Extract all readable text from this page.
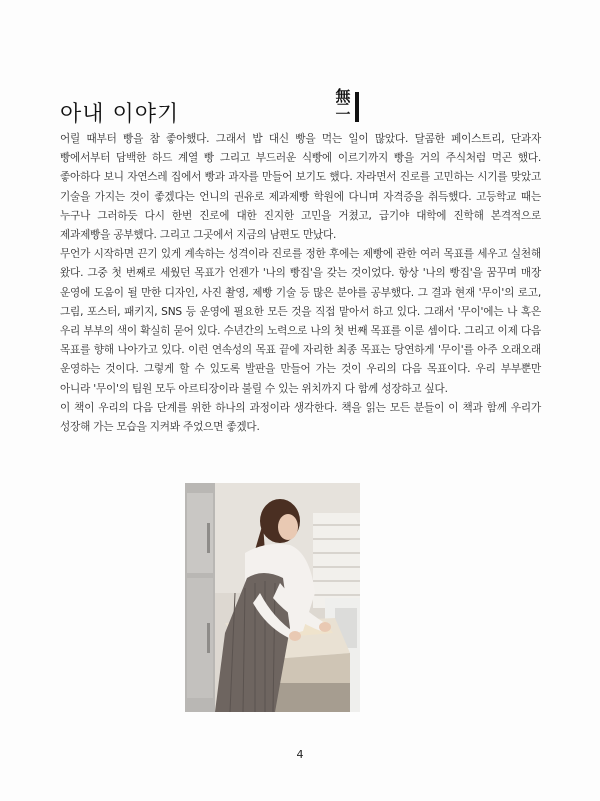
아내 이야기
無二

어릴 때부터 빵을 참 좋아했다. 그래서 밥 대신 빵을 먹는 일이 많았다. 달콤한 페이스트리, 단과자 빵에서부터 담백한 하드 계열 빵 그리고 부드러운 식빵에 이르기까지 빵을 거의 주식처럼 먹곤 했다. 좋아하다 보니 자연스레 집에서 빵과 과자를 만들어 보기도 했다. 자라면서 진로를 고민하는 시기를 맞았고 기술을 가지는 것이 좋겠다는 언니의 권유로 제과제빵 학원에 다니며 자격증을 취득했다. 고등학교 때는 누구나 그러하듯 다시 한번 진로에 대한 진지한 고민을 거쳤고, 급기야 대학에 진학해 본격적으로 제과제빵을 공부했다. 그리고 그곳에서 지금의 남편도 만났다.

무언가 시작하면 끈기 있게 계속하는 성격이라 진로를 정한 후에는 제빵에 관한 여러 목표를 세우고 실천해 왔다. 그중 첫 번째로 세웠던 목표가 언젠가 '나의 빵집'을 갖는 것이었다. 항상 '나의 빵집'을 꿈꾸며 매장 운영에 도움이 될 만한 디자인, 사진 촬영, 제빵 기술 등 많은 분야를 공부했다. 그 결과 현재 '무이'의 로고, 그림, 포스터, 패키지, SNS 등 운영에 필요한 모든 것을 직접 맡아서 하고 있다. 그래서 '무이'에는 나 혹은 우리 부부의 색이 확실히 묻어 있다. 수년간의 노력으로 나의 첫 번째 목표를 이룬 셈이다. 그리고 이제 다음 목표를 향해 나아가고 있다. 이런 연속성의 목표 끝에 자리한 최종 목표는 당연하게 '무이'를 아주 오래오래 운영하는 것이다. 그렇게 할 수 있도록 발판을 만들어 가는 것이 우리의 다음 목표이다. 우리 부부뿐만 아니라 '무이'의 팀원 모두 아르티장이라 불릴 수 있는 위치까지 다 함께 성장하고 싶다.

이 책이 우리의 다음 단계를 위한 하나의 과정이라 생각한다. 책을 읽는 모든 분들이 이 책과 함께 우리가 성장해 가는 모습을 지켜봐 주었으면 좋겠다.

4
